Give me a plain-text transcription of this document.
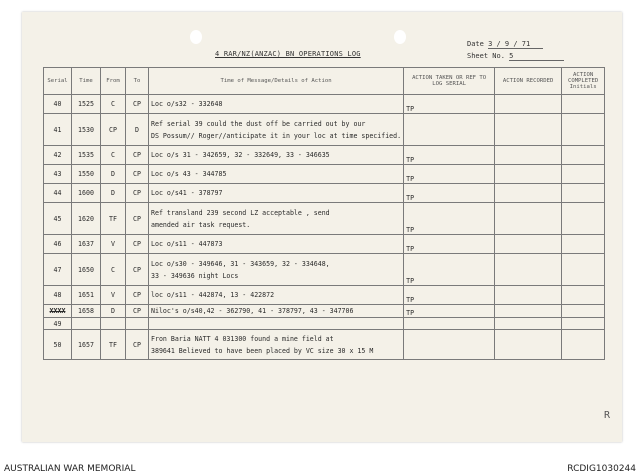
4 RAR/NZ(ANZAC) BN OPERATIONS LOG
Date 3 / 9 / 71
Sheet No. 5
Serial	Time	From	To	Time of Message/Details of Action	ACTION TAKEN OR REF TO LOG SERIAL	ACTION RECORDED	ACTION COMPLETED Initials
40	1525	C	CP	Loc o/s32 - 332648	TP		
41	1530	CP	D	Ref serial 39 could the dust off be carried out by our
DS Possum// Roger//anticipate it in your loc at time specified.			

42	1535	C	CP	Loc o/s 31 - 342659, 32 - 332649, 33 - 346635	TP		
43	1550	D	CP	Loc o/s 43 - 344785	TP		
44	1600	D	CP	Loc o/s41 - 378797	TP		
45	1620	TF	CP	Ref transland 239 second LZ acceptable , send
amended air task request.	TP		
46	1637	V	CP	Loc o/s11 - 447873	TP		
47	1650	C	CP	Loc o/s30 - 349646, 31 - 343659, 32 - 334648,
33 - 349636 night Locs	TP		
48	1651	V	CP	loc o/s11 - 442874, 13 - 422872	TP		
XXXX	1658	D	CP	Niloc's o/s40,42 - 362790, 41 - 378797, 43 - 347706	TP		
49				

50	1657	TF	CP	Fron Baria NATT 4 031300 found a mine field at
389641 Believed to have been placed by VC size 30 x 15 M			

R
AUSTRALIAN WAR MEMORIAL	RCDIG1030244
